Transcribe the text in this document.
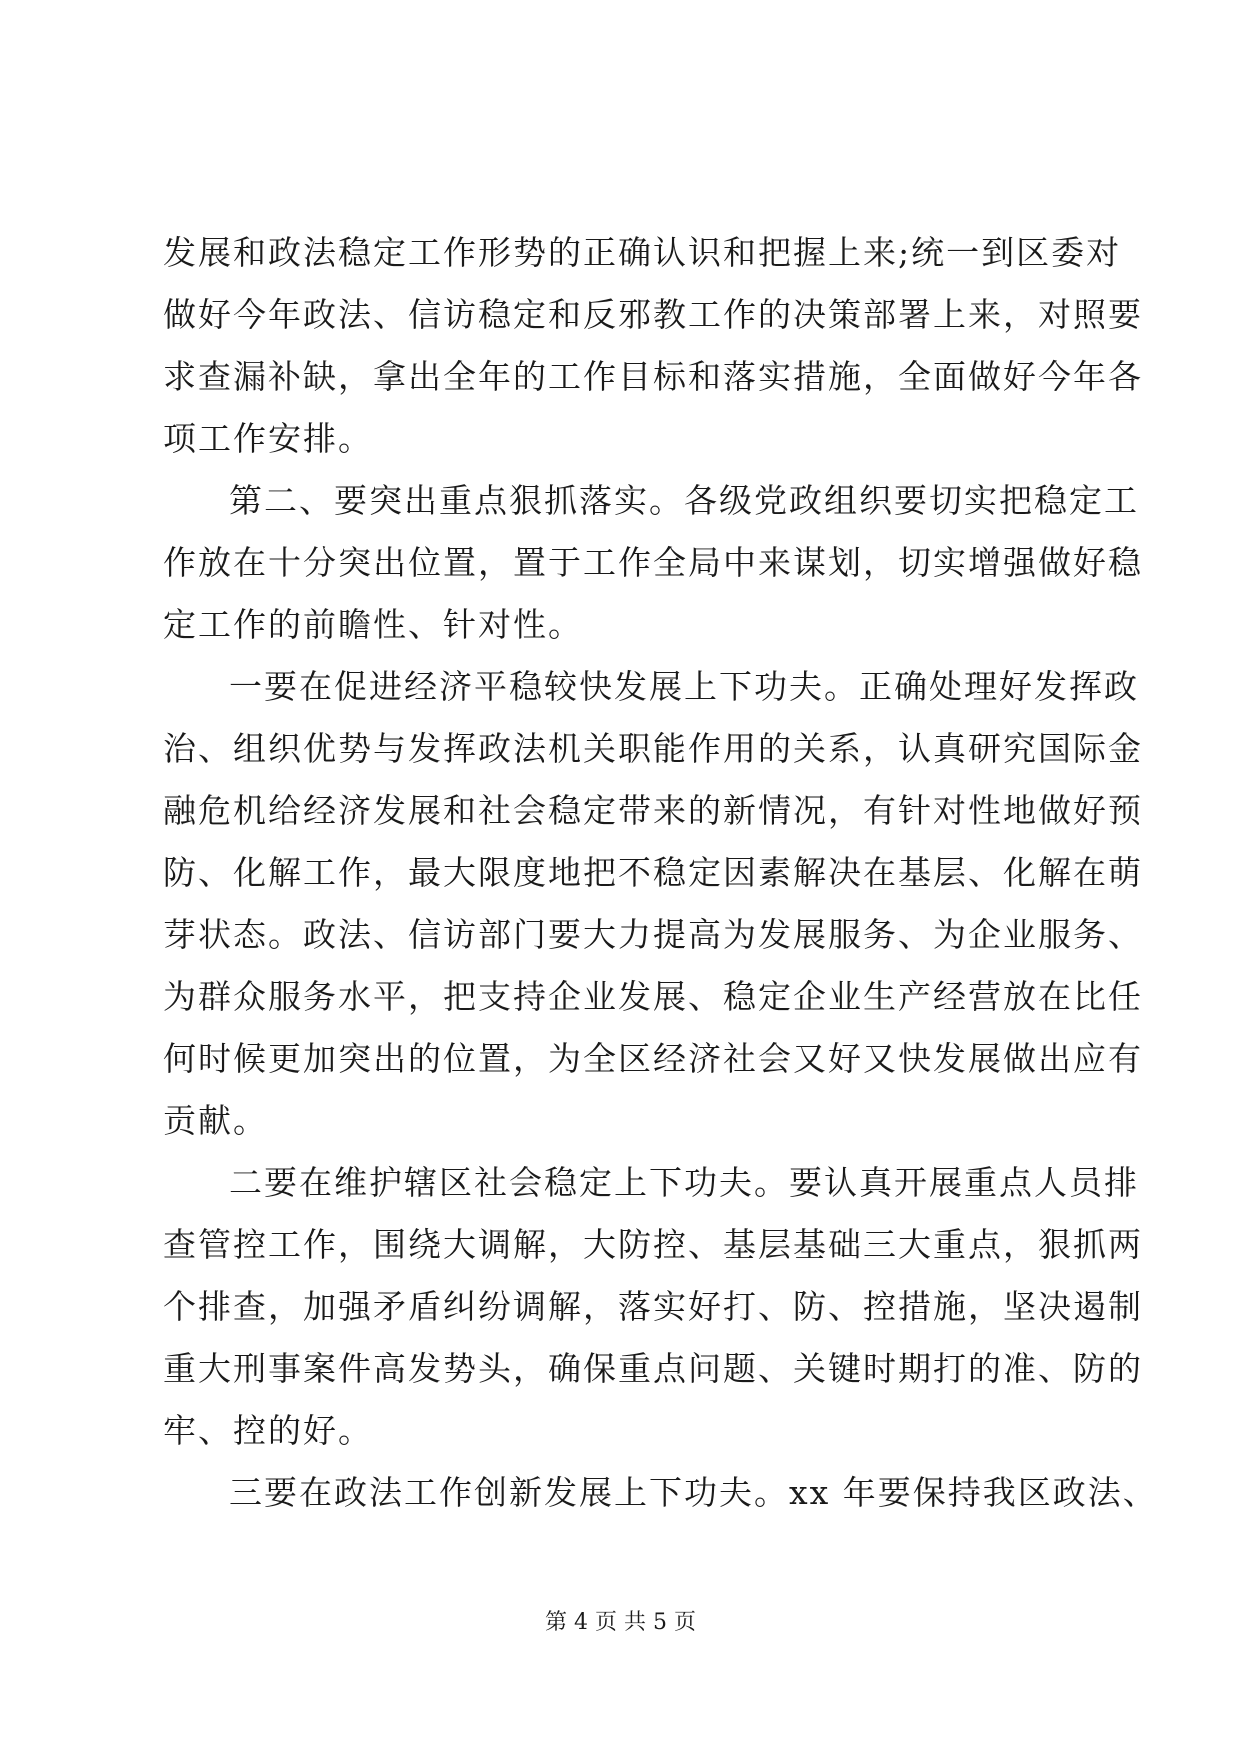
发展和政法稳定工作形势的正确认识和把握上来;统一到区委对
做好今年政法、信访稳定和反邪教工作的决策部署上来，对照要
求查漏补缺，拿出全年的工作目标和落实措施，全面做好今年各
项工作安排。
第二、要突出重点狠抓落实。各级党政组织要切实把稳定工
作放在十分突出位置，置于工作全局中来谋划，切实增强做好稳
定工作的前瞻性、针对性。
一要在促进经济平稳较快发展上下功夫。正确处理好发挥政
治、组织优势与发挥政法机关职能作用的关系，认真研究国际金
融危机给经济发展和社会稳定带来的新情况，有针对性地做好预
防、化解工作，最大限度地把不稳定因素解决在基层、化解在萌
芽状态。政法、信访部门要大力提高为发展服务、为企业服务、
为群众服务水平，把支持企业发展、稳定企业生产经营放在比任
何时候更加突出的位置，为全区经济社会又好又快发展做出应有
贡献。
二要在维护辖区社会稳定上下功夫。要认真开展重点人员排
查管控工作，围绕大调解，大防控、基层基础三大重点，狠抓两
个排查，加强矛盾纠纷调解，落实好打、防、控措施，坚决遏制
重大刑事案件高发势头，确保重点问题、关键时期打的准、防的
牢、控的好。
三要在政法工作创新发展上下功夫。xx 年要保持我区政法、
第 4 页 共 5 页
